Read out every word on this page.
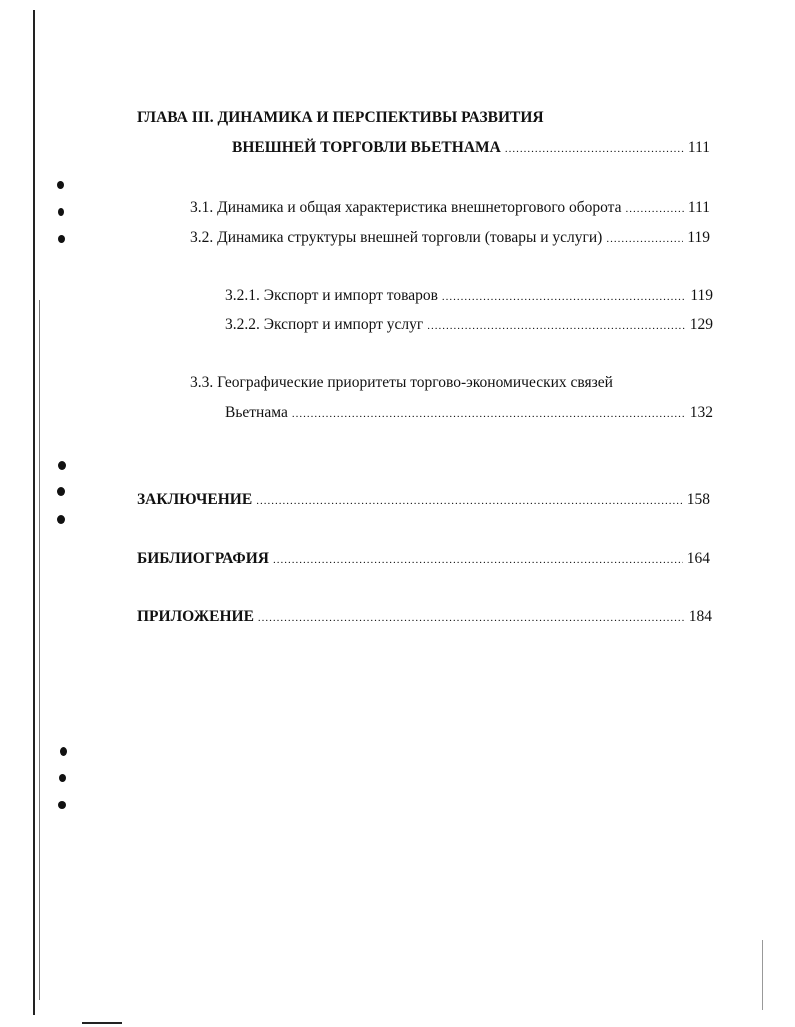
ГЛАВА III. ДИНАМИКА И ПЕРСПЕКТИВЫ РАЗВИТИЯ
ВНЕШНЕЙ ТОРГОВЛИ ВЬЕТНАМА .....	111
3.1. Динамика и общая характеристика внешнеторгового оборота .....	111
3.2. Динамика структуры внешней торговли (товары и услуги) .....	119
3.2.1. Экспорт и импорт товаров .....	119
3.2.2. Экспорт и импорт услуг .....	129
3.3. Географические приоритеты торгово-экономических связей
Вьетнама .....	132
ЗАКЛЮЧЕНИЕ .....	158
БИБЛИОГРАФИЯ .....	164
ПРИЛОЖЕНИЕ .....	184
